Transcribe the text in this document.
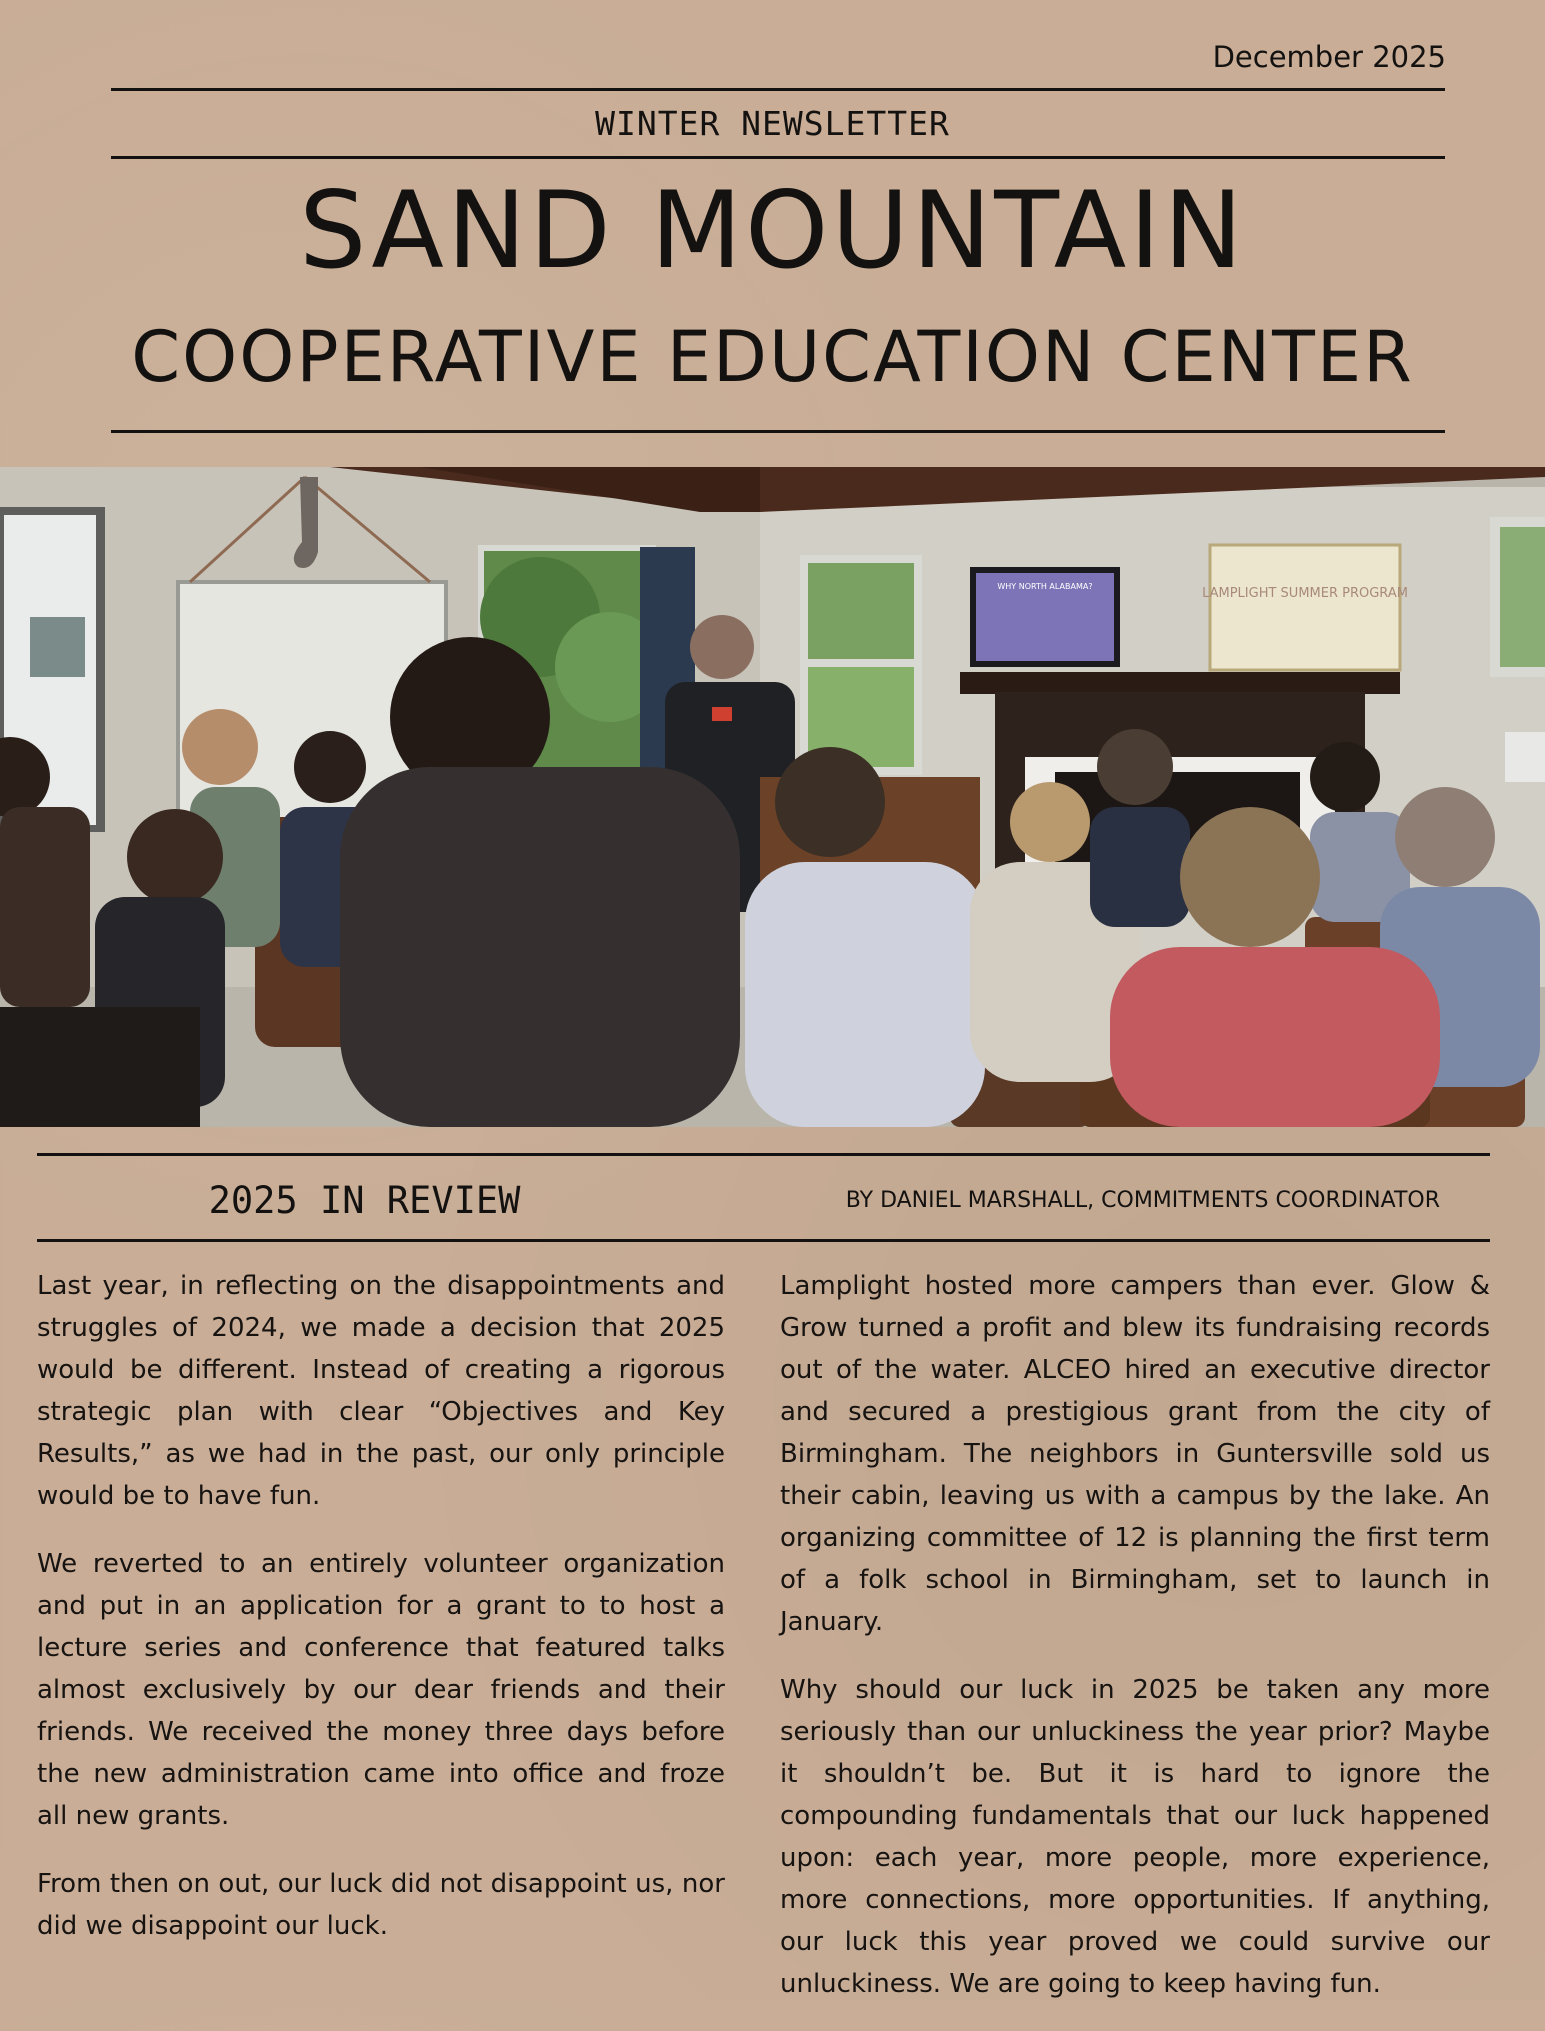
December 2025
WINTER NEWSLETTER
SAND MOUNTAIN
COOPERATIVE EDUCATION CENTER
WHY NORTH ALABAMA?	LAMPLIGHT SUMMER PROGRAM
2025 IN REVIEW	BY DANIEL MARSHALL, COMMITMENTS COORDINATOR

Last year, in reflecting on the disappointments and struggles of 2024, we made a decision that 2025 would be different. Instead of creating a rigorous strategic plan with clear “Objectives and Key Results,” as we had in the past, our only principle would be to have fun.

We reverted to an entirely volunteer organization and put in an application for a grant to to host a lecture series and conference that featured talks almost exclusively by our dear friends and their friends. We received the money three days before the new administration came into office and froze all new grants.

From then on out, our luck did not disappoint us, nor did we disappoint our luck.

Lamplight hosted more campers than ever. Glow & Grow turned a profit and blew its fundraising records out of the water. ALCEO hired an executive director and secured a prestigious grant from the city of Birmingham. The neighbors in Guntersville sold us their cabin, leaving us with a campus by the lake. An organizing committee of 12 is planning the first term of a folk school in Birmingham, set to launch in January.

Why should our luck in 2025 be taken any more seriously than our unluckiness the year prior? Maybe it shouldn’t be. But it is hard to ignore the compounding fundamentals that our luck happened upon: each year, more people, more experience, more connections, more opportunities. If anything, our luck this year proved we could survive our unluckiness. We are going to keep having fun.
